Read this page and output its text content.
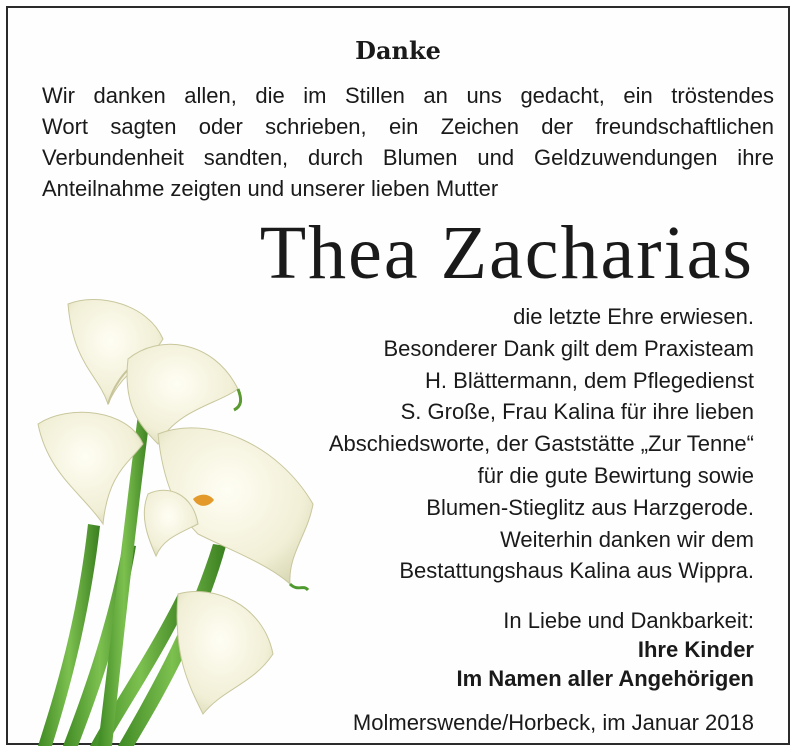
Danke
Wir danken allen, die im Stillen an uns gedacht, ein tröstendes
Wort sagten oder schrieben, ein Zeichen der freundschaftlichen
Verbundenheit sandten, durch Blumen und Geldzuwendungen ihre
Anteilnahme zeigten und unserer lieben Mutter
Thea Zacharias
die letzte Ehre erwiesen.
Besonderer Dank gilt dem Praxisteam
H. Blättermann, dem Pflegedienst
S. Große, Frau Kalina für ihre lieben
Abschiedsworte, der Gaststätte „Zur Tenne“
für die gute Bewirtung sowie
Blumen-Stieglitz aus Harzgerode.
Weiterhin danken wir dem
Bestattungshaus Kalina aus Wippra.
In Liebe und Dankbarkeit:
Ihre Kinder
Im Namen aller Angehörigen
Molmerswende/Horbeck, im Januar 2018
